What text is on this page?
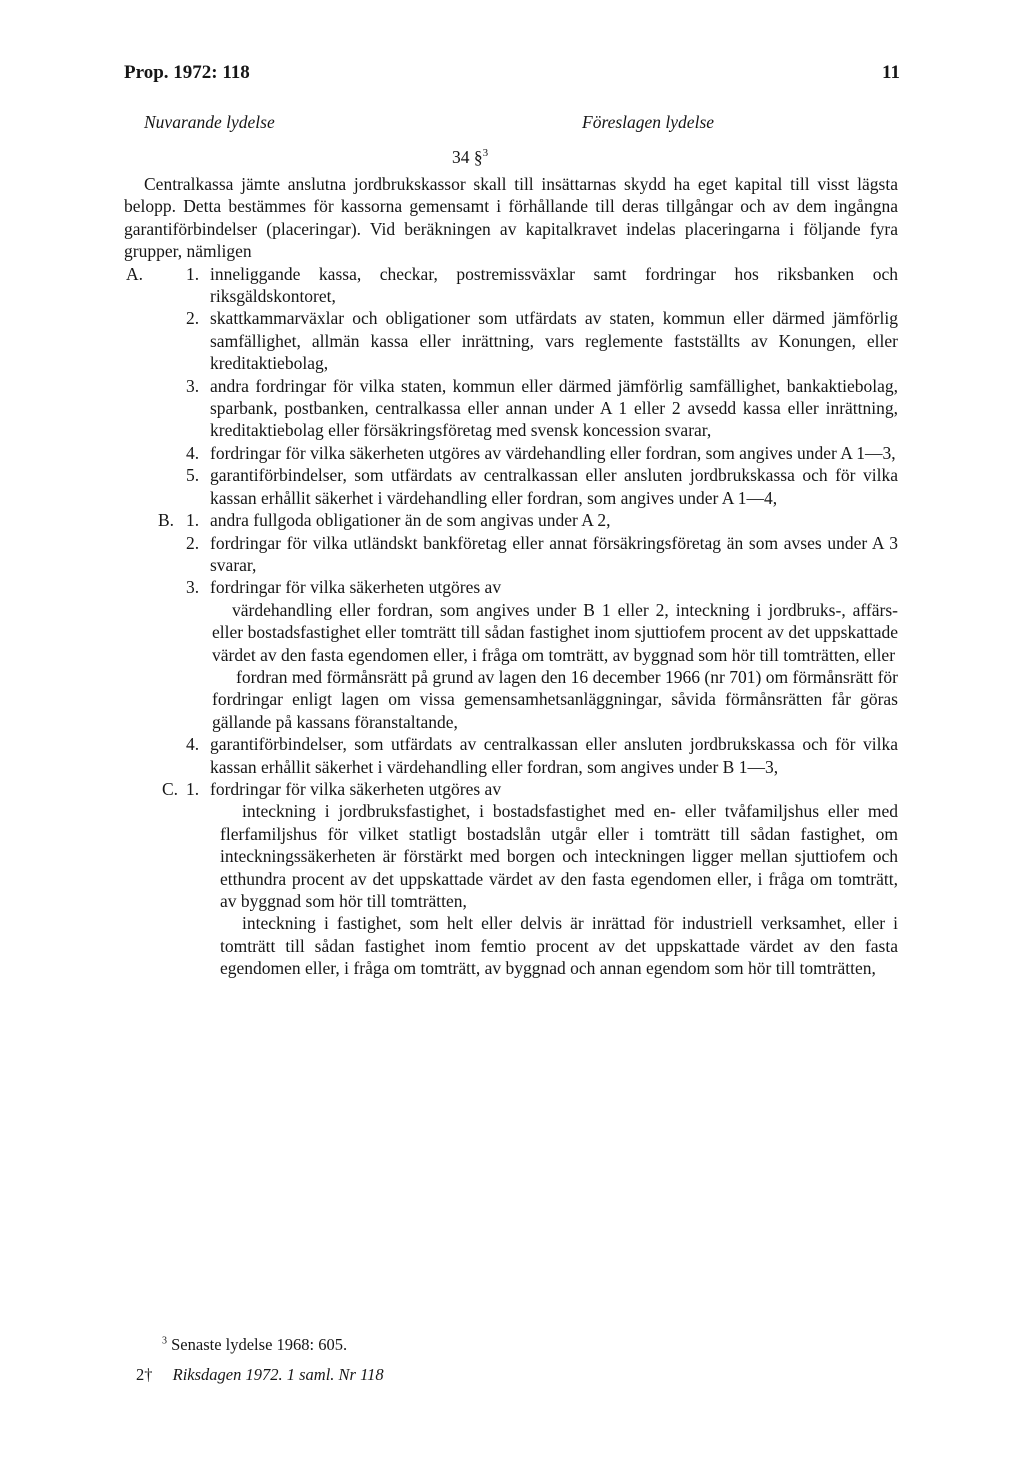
Prop. 1972: 118	11
Nuvarande lydelse	Föreslagen lydelse
34 §$^3$

Centralkassa jämte anslutna jordbrukskassor skall till insättarnas skydd ha eget kapital till visst lägsta belopp. Detta bestämmes för kassorna gemensamt i förhållande till deras tillgångar och av dem ingångna garantiförbindelser (placeringar). Vid beräkningen av kapitalkravet indelas placeringarna i följande fyra grupper, nämligen

A. 1. inneliggande kassa, checkar, postremissväxlar samt fordringar hos riksbanken och riksgäldskontoret,
2. skattkammarväxlar och obligationer som utfärdats av staten, kommun eller därmed jämförlig samfällighet, allmän kassa eller inrättning, vars reglemente fastställts av Konungen, eller kreditaktiebolag,
3. andra fordringar för vilka staten, kommun eller därmed jämförlig samfällighet, bankaktiebolag, sparbank, postbanken, centralkassa eller annan under A 1 eller 2 avsedd kassa eller inrättning, kreditaktiebolag eller försäkringsföretag med svensk koncession svarar,
4. fordringar för vilka säkerheten utgöres av värdehandling eller fordran, som angives under A 1—3,
5. garantiförbindelser, som utfärdats av centralkassan eller ansluten jordbrukskassa och för vilka kassan erhållit säkerhet i värdehandling eller fordran, som angives under A 1—4,
B. 1. andra fullgoda obligationer än de som angivas under A 2,
2. fordringar för vilka utländskt bankföretag eller annat försäkringsföretag än som avses under A 3 svarar,
3. fordringar för vilka säkerheten utgöres av

värdehandling eller fordran, som angives under B 1 eller 2, inteckning i jordbruks-, affärs- eller bostadsfastighet eller tomträtt till sådan fastighet inom sjuttiofem procent av det uppskattade värdet av den fasta egendomen eller, i fråga om tomträtt, av byggnad som hör till tomträtten, eller

fordran med förmånsrätt på grund av lagen den 16 december 1966 (nr 701) om förmånsrätt för fordringar enligt lagen om vissa gemensamhetsanläggningar, såvida förmånsrätten får göras gällande på kassans föranstaltande,

4. garantiförbindelser, som utfärdats av centralkassan eller ansluten jordbrukskassa och för vilka kassan erhållit säkerhet i värdehandling eller fordran, som angives under B 1—3,
C. 1. fordringar för vilka säkerheten utgöres av

inteckning i jordbruksfastighet, i bostadsfastighet med en- eller tvåfamiljshus eller med flerfamiljshus för vilket statligt bostadslån utgår eller i tomträtt till sådan fastighet, om inteckningssäkerheten är förstärkt med borgen och inteckningen ligger mellan sjuttiofem och etthundra procent av det uppskattade värdet av den fasta egendomen eller, i fråga om tomträtt, av byggnad som hör till tomträtten,

inteckning i fastighet, som helt eller delvis är inrättad för industriell verksamhet, eller i tomträtt till sådan fastighet inom femtio procent av det uppskattade värdet av den fasta egendomen eller, i fråga om tomträtt, av byggnad och annan egendom som hör till tomträtten,

$^3$ Senaste lydelse 1968: 605.
2† Riksdagen 1972. 1 saml. Nr 118
